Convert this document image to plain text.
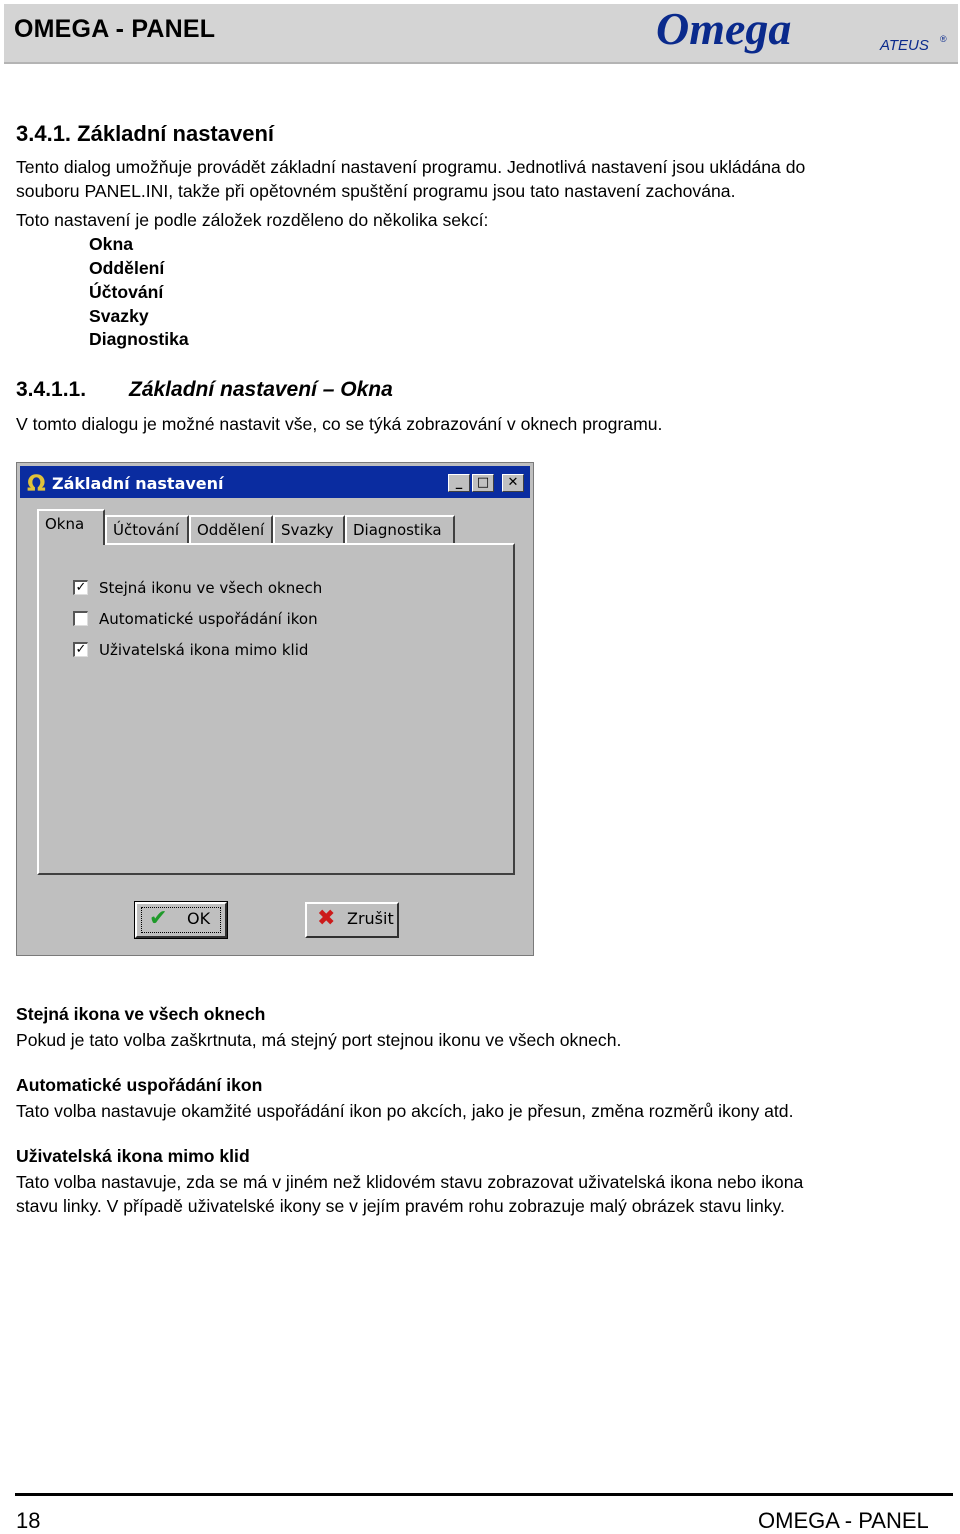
OMEGA - PANEL	Omega	ATEUS ®
3.4.1. Základní nastavení
Tento dialog umožňuje provádět základní nastavení programu. Jednotlivá nastavení jsou ukládána do
souboru PANEL.INI, takže při opětovném spuštění programu jsou tato nastavení zachována.
Toto nastavení je podle záložek rozděleno do několika sekcí:
Okna
Oddělení
Účtování
Svazky
Diagnostika
3.4.1.1. Základní nastavení – Okna
V tomto dialogu je možné nastavit vše, co se týká zobrazování v oknech programu.
Ω Základní nastavení	_	□	✕
Okna	Účtování	Oddělení	Svazky	Diagnostika
✓ Stejná ikonu ve všech oknech
Automatické uspořádání ikon
✓ Uživatelská ikona mimo klid
✔ OK	✖ Zrušit
Stejná ikona ve všech oknech
Pokud je tato volba zaškrtnuta, má stejný port stejnou ikonu ve všech oknech.
Automatické uspořádání ikon
Tato volba nastavuje okamžité uspořádání ikon po akcích, jako je přesun, změna rozměrů ikony atd.
Uživatelská ikona mimo klid
Tato volba nastavuje, zda se má v jiném než klidovém stavu zobrazovat uživatelská ikona nebo ikona
stavu linky. V případě uživatelské ikony se v jejím pravém rohu zobrazuje malý obrázek stavu linky.
18	OMEGA - PANEL
